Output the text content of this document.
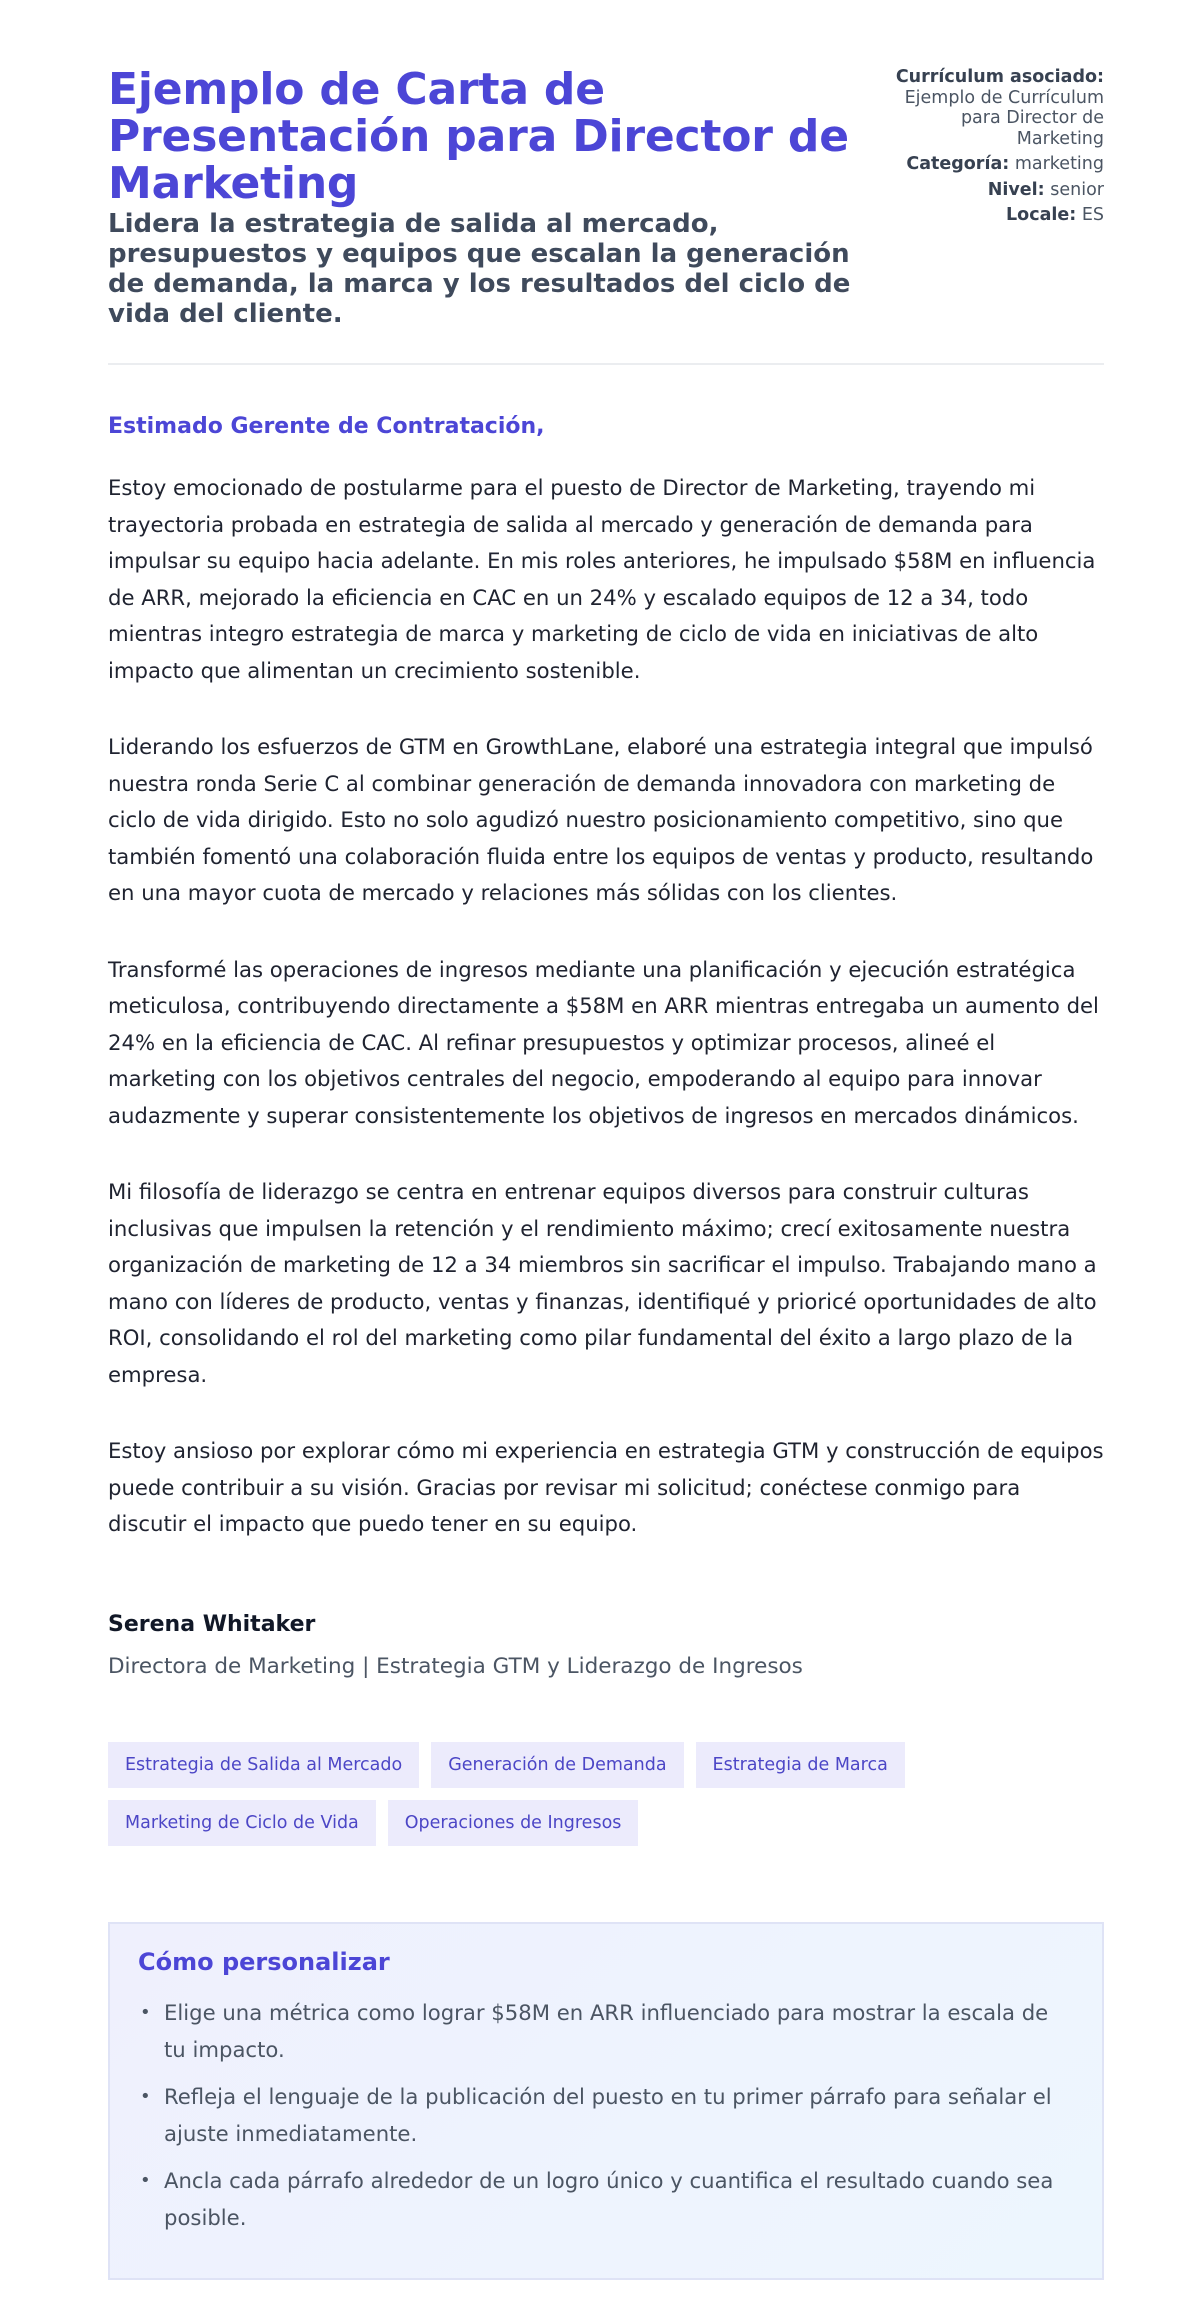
Ejemplo de Carta de Presentación para Director de Marketing
Lidera la estrategia de salida al mercado, presupuestos y equipos que escalan la generación de demanda, la marca y los resultados del ciclo de vida del cliente.
Currículum asociado:
Ejemplo de Currículum para Director de Marketing
Categoría: marketing
Nivel: senior
Locale: ES
Estimado Gerente de Contratación,

Estoy emocionado de postularme para el puesto de Director de Marketing, trayendo mi trayectoria probada en estrategia de salida al mercado y generación de demanda para impulsar su equipo hacia adelante. En mis roles anteriores, he impulsado $58M en influencia de ARR, mejorado la eficiencia en CAC en un 24% y escalado equipos de 12 a 34, todo mientras integro estrategia de marca y marketing de ciclo de vida en iniciativas de alto impacto que alimentan un crecimiento sostenible.

Liderando los esfuerzos de GTM en GrowthLane, elaboré una estrategia integral que impulsó nuestra ronda Serie C al combinar generación de demanda innovadora con marketing de ciclo de vida dirigido. Esto no solo agudizó nuestro posicionamiento competitivo, sino que también fomentó una colaboración fluida entre los equipos de ventas y producto, resultando en una mayor cuota de mercado y relaciones más sólidas con los clientes.

Transformé las operaciones de ingresos mediante una planificación y ejecución estratégica meticulosa, contribuyendo directamente a $58M en ARR mientras entregaba un aumento del 24% en la eficiencia de CAC. Al refinar presupuestos y optimizar procesos, alineé el marketing con los objetivos centrales del negocio, empoderando al equipo para innovar audazmente y superar consistentemente los objetivos de ingresos en mercados dinámicos.

Mi filosofía de liderazgo se centra en entrenar equipos diversos para construir culturas inclusivas que impulsen la retención y el rendimiento máximo; crecí exitosamente nuestra organización de marketing de 12 a 34 miembros sin sacrificar el impulso. Trabajando mano a mano con líderes de producto, ventas y finanzas, identifiqué y prioricé oportunidades de alto ROI, consolidando el rol del marketing como pilar fundamental del éxito a largo plazo de la empresa.

Estoy ansioso por explorar cómo mi experiencia en estrategia GTM y construcción de equipos puede contribuir a su visión. Gracias por revisar mi solicitud; conéctese conmigo para discutir el impacto que puedo tener en su equipo.

Serena Whitaker
Directora de Marketing | Estrategia GTM y Liderazgo de Ingresos
Estrategia de Salida al Mercado	Generación de Demanda	Estrategia de Marca
Marketing de Ciclo de Vida	Operaciones de Ingresos
Cómo personalizar
• Elige una métrica como lograr $58M en ARR influenciado para mostrar la escala de tu impacto.
• Refleja el lenguaje de la publicación del puesto en tu primer párrafo para señalar el ajuste inmediatamente.
• Ancla cada párrafo alrededor de un logro único y cuantifica el resultado cuando sea posible.
